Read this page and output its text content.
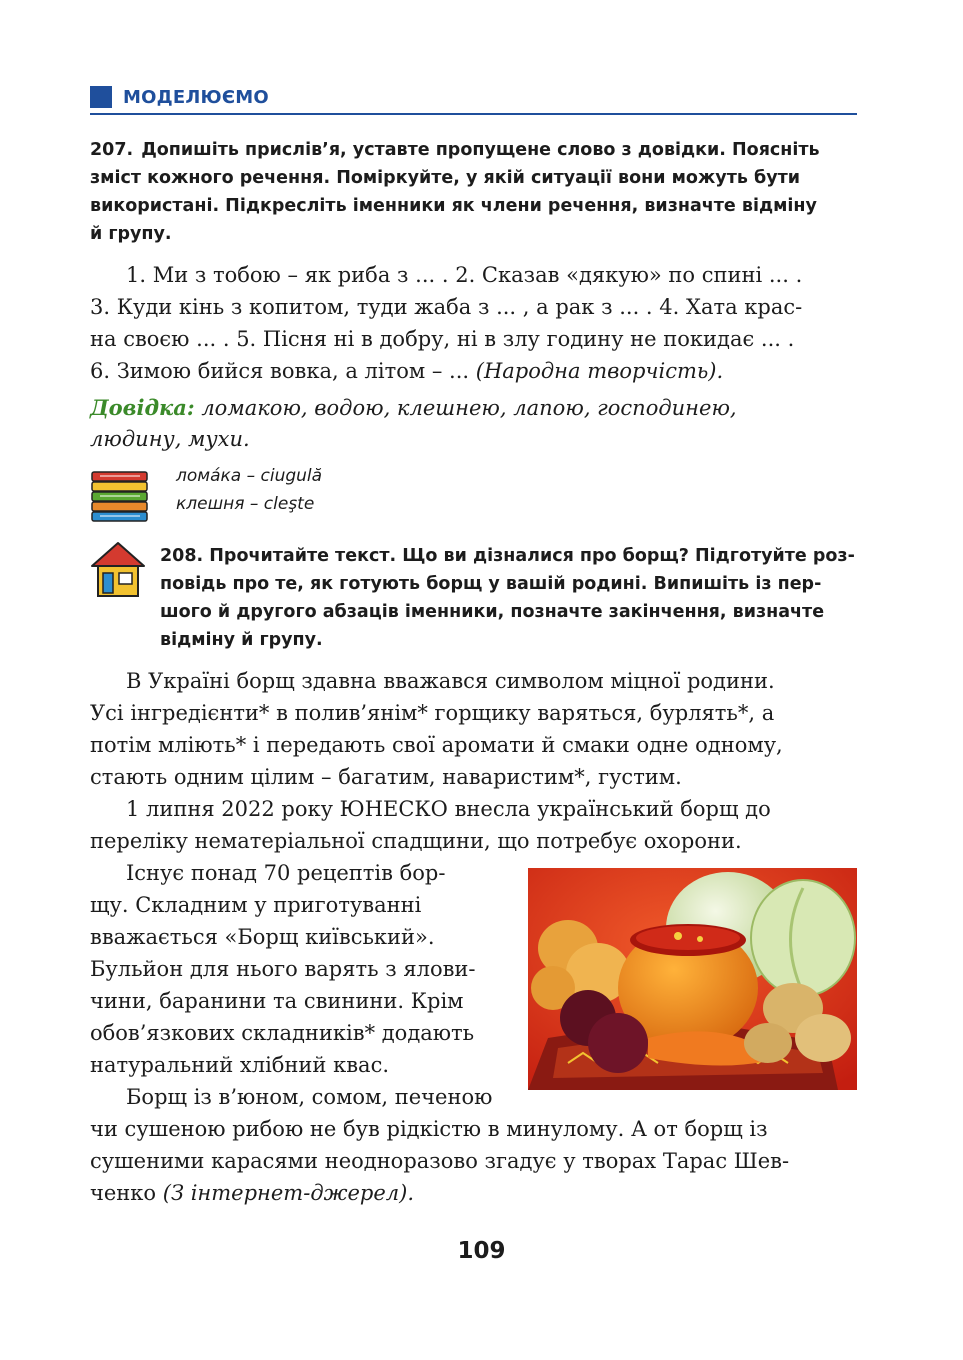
МОДЕЛЮЄМО
207. Допишіть прислів’я, уставте пропущене слово з довідки. Поясніть
зміст кожного речення. Поміркуйте, у якій ситуації вони можуть бути
використані. Підкресліть іменники як члени речення, визначте відміну
й групу.
1. Ми з тобою – як риба з ... . 2. Сказав «дякую» по спині ... .
3. Куди кінь з копитом, туди жаба з ... , а рак з ... . 4. Хата крас-
на своєю ... . 5. Пісня ні в добру, ні в злу годину не покидає ... .
6. Зимою бийся вовка, а літом – ... (Народна творчість).
Довідка: ломакою, водою, клешнею, лапою, господинею,
людину, мухи.
ломáка – ciugulă
клешня – cleşte
208. Прочитайте текст. Що ви дізналися про борщ? Підготуйте роз-
повідь про те, як готують борщ у вашій родині. Випишіть із пер-
шого й другого абзаців іменники, позначте закінчення, визначте
відміну й групу.
В Україні борщ здавна вважався символом міцної родини.
Усі інгредієнти* в полив’янім* горщику варяться, бурлять*, а
потім мліють* і передають свої аромати й смаки одне одному,
стають одним цілим – багатим, наваристим*, густим.
1 липня 2022 року ЮНЕСКО внесла український борщ до
переліку нематеріальної спадщини, що потребує охорони.
Існує понад 70 рецептів бор-
щу. Складним у приготуванні
вважається «Борщ київський».
Бульйон для нього варять з ялови-
чини, баранини та свинини. Крім
обов’язкових складників* додають
натуральний хлібний квас.
Борщ із в’юном, сомом, печеною
чи сушеною рибою не був рідкістю в минулому. А от борщ із
сушеними карасями неодноразово згадує у творах Тарас Шев-
ченко (З інтернет-джерел).
109
